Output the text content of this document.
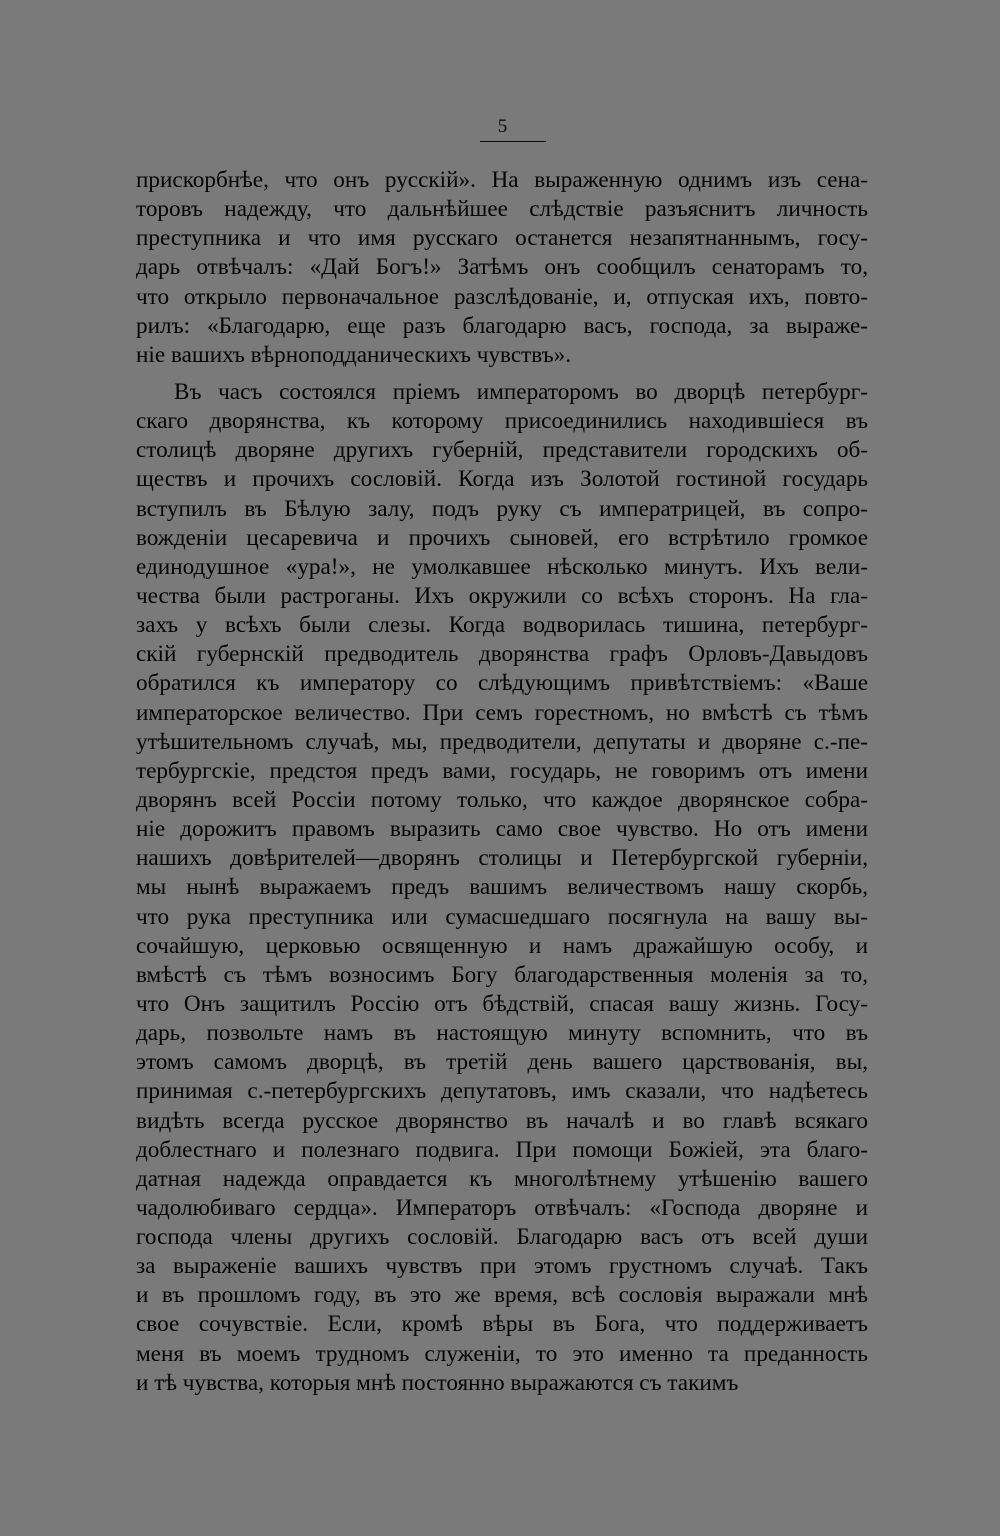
5
прискорбнѣе, что онъ русскій». На выраженную однимъ изъ сена-
торовъ надежду, что дальнѣйшее слѣдствіе разъяснитъ личность
преступника и что имя русскаго останется незапятнаннымъ, госу-
дарь отвѣчалъ: «Дай Богъ!» Затѣмъ онъ сообщилъ сенаторамъ то,
что открыло первоначальное разслѣдованіе, и, отпуская ихъ, повто-
рилъ: «Благодарю, еще разъ благодарю васъ, господа, за выраже-
ніе вашихъ вѣрноподданическихъ чувствъ».
Въ часъ состоялся пріемъ императоромъ во дворцѣ петербург-
скаго дворянства, къ которому присоединились находившіеся въ
столицѣ дворяне другихъ губерній, представители городскихъ об-
ществъ и прочихъ сословій. Когда изъ Золотой гостиной государь
вступилъ въ Бѣлую залу, подъ руку съ императрицей, въ сопро-
вожденіи цесаревича и прочихъ сыновей, его встрѣтило громкое
единодушное «ура!», не умолкавшее нѣсколько минутъ. Ихъ вели-
чества были растроганы. Ихъ окружили со всѣхъ сторонъ. На гла-
захъ у всѣхъ были слезы. Когда водворилась тишина, петербург-
скій губернскій предводитель дворянства графъ Орловъ-Давыдовъ
обратился къ императору со слѣдующимъ привѣтствіемъ: «Ваше
императорское величество. При семъ горестномъ, но вмѣстѣ съ тѣмъ
утѣшительномъ случаѣ, мы, предводители, депутаты и дворяне с.-пе-
тербургскіе, предстоя предъ вами, государь, не говоримъ отъ имени
дворянъ всей Россіи потому только, что каждое дворянское собра-
ніе дорожитъ правомъ выразить само свое чувство. Но отъ имени
нашихъ довѣрителей—дворянъ столицы и Петербургской губерніи,
мы нынѣ выражаемъ предъ вашимъ величествомъ нашу скорбь,
что рука преступника или сумасшедшаго посягнула на вашу вы-
сочайшую, церковью освященную и намъ дражайшую особу, и
вмѣстѣ съ тѣмъ возносимъ Богу благодарственныя моленія за то,
что Онъ защитилъ Россію отъ бѣдствій, спасая вашу жизнь. Госу-
дарь, позвольте намъ въ настоящую минуту вспомнить, что въ
этомъ самомъ дворцѣ, въ третій день вашего царствованія, вы,
принимая с.-петербургскихъ депутатовъ, имъ сказали, что надѣетесь
видѣть всегда русское дворянство въ началѣ и во главѣ всякаго
доблестнаго и полезнаго подвига. При помощи Божіей, эта благо-
датная надежда оправдается къ многолѣтнему утѣшенію вашего
чадолюбиваго сердца». Императоръ отвѣчалъ: «Господа дворяне и
господа члены другихъ сословій. Благодарю васъ отъ всей души
за выраженіе вашихъ чувствъ при этомъ грустномъ случаѣ. Такъ
и въ прошломъ году, въ это же время, всѣ сословія выражали мнѣ
свое сочувствіе. Если, кромѣ вѣры въ Бога, что поддерживаетъ
меня въ моемъ трудномъ служеніи, то это именно та преданность
и тѣ чувства, которыя мнѣ постоянно выражаются съ такимъ
